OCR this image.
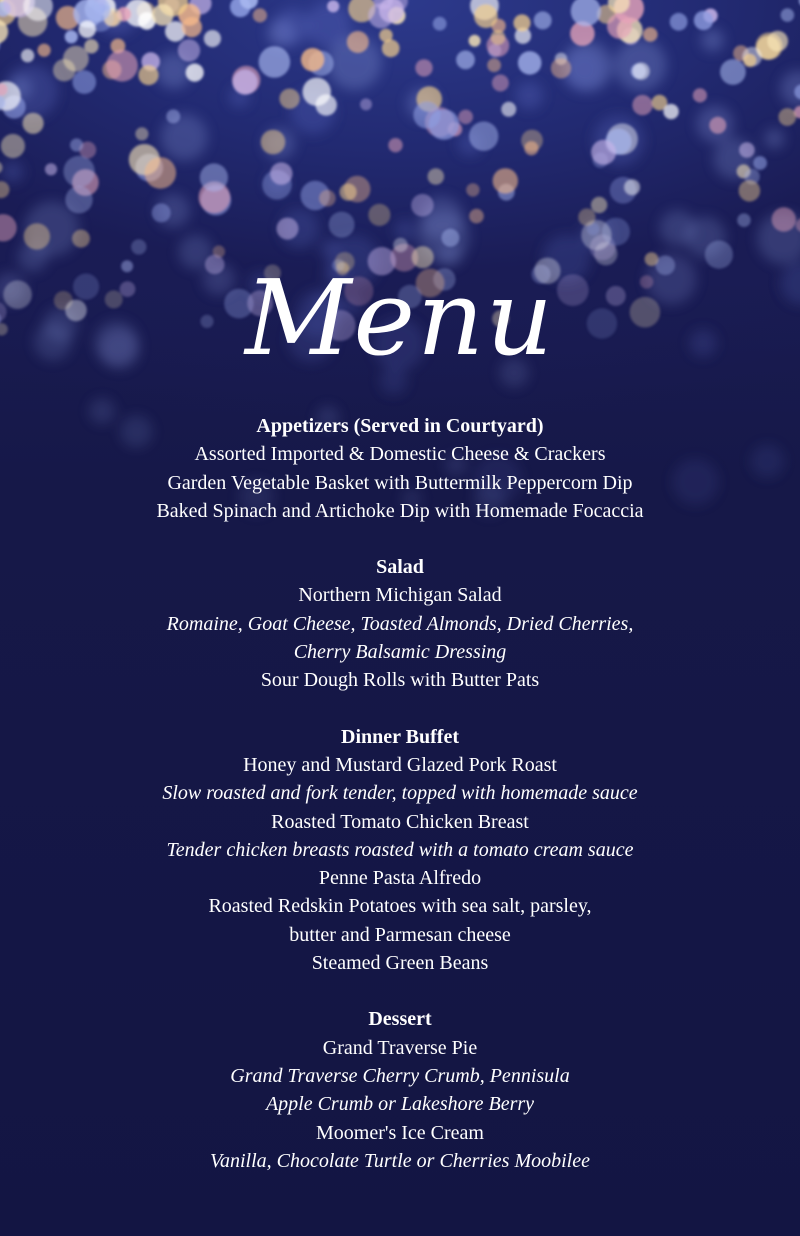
Menu
Appetizers (Served in Courtyard)
Assorted Imported & Domestic Cheese & Crackers
Garden Vegetable Basket with Buttermilk Peppercorn Dip
Baked Spinach and Artichoke Dip with Homemade Focaccia
Salad
Northern Michigan Salad
Romaine, Goat Cheese, Toasted Almonds, Dried Cherries,
Cherry Balsamic Dressing
Sour Dough Rolls with Butter Pats
Dinner Buffet
Honey and Mustard Glazed Pork Roast
Slow roasted and fork tender, topped with homemade sauce
Roasted Tomato Chicken Breast
Tender chicken breasts roasted with a tomato cream sauce
Penne Pasta Alfredo
Roasted Redskin Potatoes with sea salt, parsley,
butter and Parmesan cheese
Steamed Green Beans
Dessert
Grand Traverse Pie
Grand Traverse Cherry Crumb, Pennisula
Apple Crumb or Lakeshore Berry
Moomer's Ice Cream
Vanilla, Chocolate Turtle or Cherries Moobilee
